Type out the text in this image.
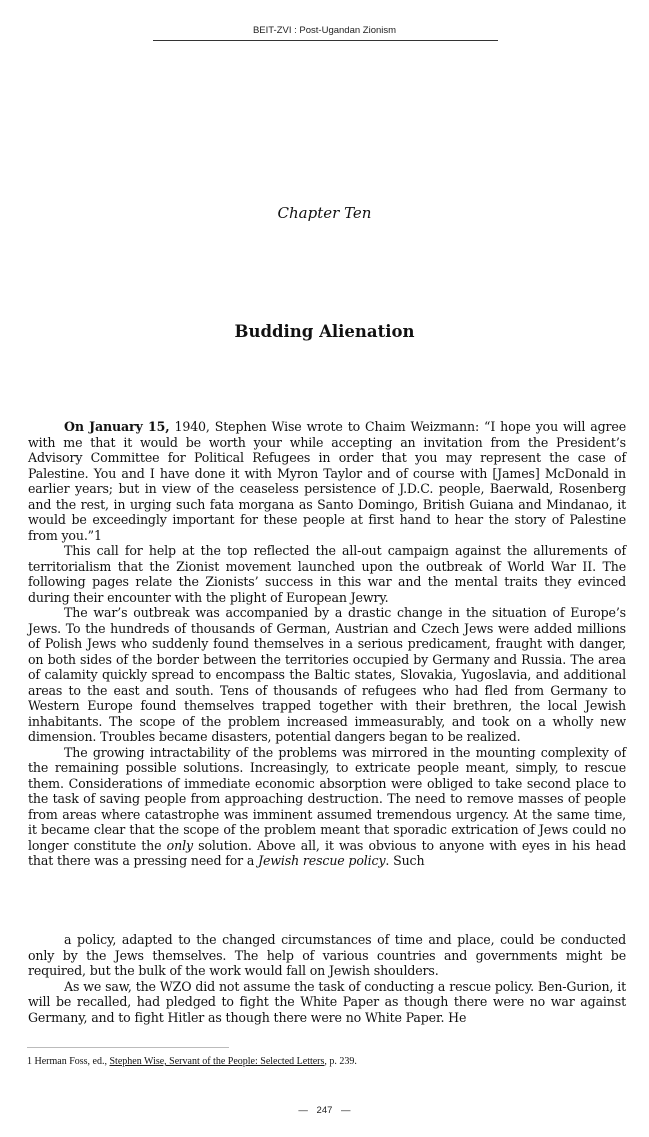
BEIT-ZVI : Post-Ugandan Zionism
Chapter Ten
Budding Alienation

On January 15, 1940, Stephen Wise wrote to Chaim Weizmann: “I hope you will agree with me that it would be worth your while accepting an invitation from the President’s Advisory Committee for Political Refugees in order that you may represent the case of Palestine. You and I have done it with Myron Taylor and of course with [James] McDonald in earlier years; but in view of the ceaseless persistence of J.D.C. people, Baerwald, Rosenberg and the rest, in urging such fata morgana as Santo Domingo, British Guiana and Mindanao, it would be exceedingly important for these people at first hand to hear the story of Palestine from you.”1

This call for help at the top reflected the all-out campaign against the allurements of territorialism that the Zionist movement launched upon the outbreak of World War II. The following pages relate the Zionists’ success in this war and the mental traits they evinced during their encounter with the plight of European Jewry.

The war’s outbreak was accompanied by a drastic change in the situation of Europe’s Jews. To the hundreds of thousands of German, Austrian and Czech Jews were added millions of Polish Jews who suddenly found themselves in a serious predicament, fraught with danger, on both sides of the border between the territories occupied by Germany and Russia. The area of calamity quickly spread to encompass the Baltic states, Slovakia, Yugoslavia, and additional areas to the east and south. Tens of thousands of refugees who had fled from Germany to Western Europe found themselves trapped together with their brethren, the local Jewish inhabitants. The scope of the problem increased immeasurably, and took on a wholly new dimension. Troubles became disasters, potential dangers began to be realized.

The growing intractability of the problems was mirrored in the mounting complexity of the remaining possible solutions. Increasingly, to extricate people meant, simply, to rescue them. Considerations of immediate economic absorption were obliged to take second place to the task of saving people from approaching destruction. The need to remove masses of people from areas where catastrophe was imminent assumed tremendous urgency. At the same time, it became clear that the scope of the problem meant that sporadic extrication of Jews could no longer constitute the only solution. Above all, it was obvious to anyone with eyes in his head that there was a pressing need for a Jewish rescue policy. Such

a policy, adapted to the changed circumstances of time and place, could be conducted only by the Jews themselves. The help of various countries and governments might be required, but the bulk of the work would fall on Jewish shoulders.

As we saw, the WZO did not assume the task of conducting a rescue policy. Ben-Gurion, it will be recalled, had pledged to fight the White Paper as though there were no war against Germany, and to fight Hitler as though there were no White Paper. He

1 Herman Foss, ed., Stephen Wise, Servant of the People: Selected Letters, p. 239.
— 247 —
